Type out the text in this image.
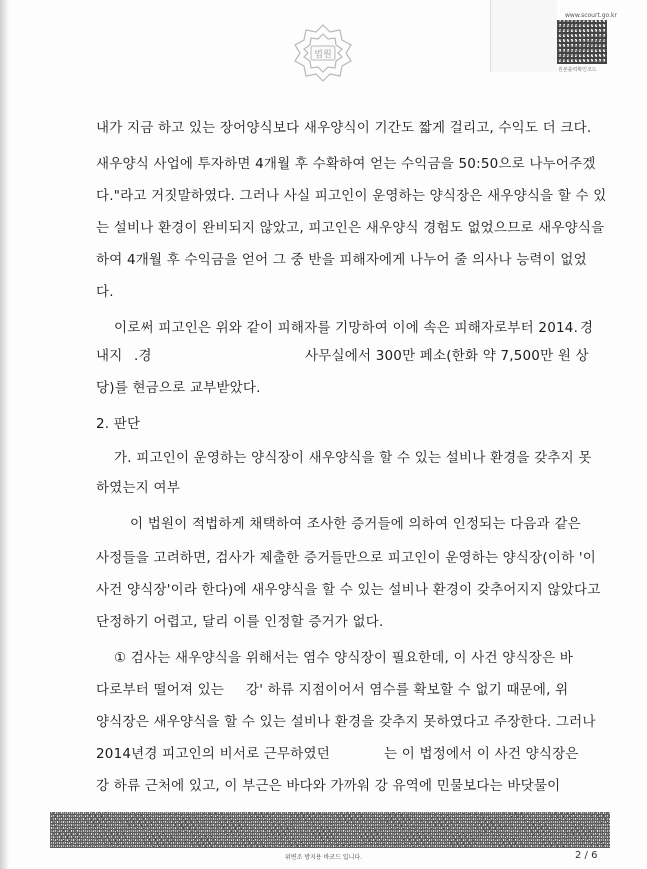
법원
www.scourt.go.kr
원본출력확인코드
내가 지금 하고 있는 장어양식보다 새우양식이 기간도 짧게 걸리고, 수익도 더 크다.
새우양식 사업에 투자하면 4개월 후 수확하여 얻는 수익금을 50:50으로 나누어주겠
다."라고 거짓말하였다. 그러나 사실 피고인이 운영하는 양식장은 새우양식을 할 수 있
는 설비나 환경이 완비되지 않았고, 피고인은 새우양식 경험도 없었으므로 새우양식을
하여 4개월 후 수익금을 얻어 그 중 반을 피해자에게 나누어 줄 의사나 능력이 없었
다.
이로써 피고인은 위와 같이 피해자를 기망하여 이에 속은 피해자로부터 2014. 경
내지 .경	사무실에서 300만 페소(한화 약 7,500만 원 상
당)를 현금으로 교부받았다.
2. 판단
가. 피고인이 운영하는 양식장이 새우양식을 할 수 있는 설비나 환경을 갖추지 못
하였는지 여부
이 법원이 적법하게 채택하여 조사한 증거들에 의하여 인정되는 다음과 같은
사정들을 고려하면, 검사가 제출한 증거들만으로 피고인이 운영하는 양식장(이하 '이
사건 양식장'이라 한다)에 새우양식을 할 수 있는 설비나 환경이 갖추어지지 않았다고
단정하기 어렵고, 달리 이를 인정할 증거가 없다.
① 검사는 새우양식을 위해서는 염수 양식장이 필요한데, 이 사건 양식장은 바
다로부터 떨어져 있는 강' 하류 지점이어서 염수를 확보할 수 없기 때문에, 위
양식장은 새우양식을 할 수 있는 설비나 환경을 갖추지 못하였다고 주장한다. 그러나
2014년경 피고인의 비서로 근무하였던	는 이 법정에서 이 사건 양식장은
강 하류 근처에 있고, 이 부근은 바다와 가까워 강 유역에 민물보다는 바닷물이
위변조 방지용 바코드 입니다.	2 / 6
